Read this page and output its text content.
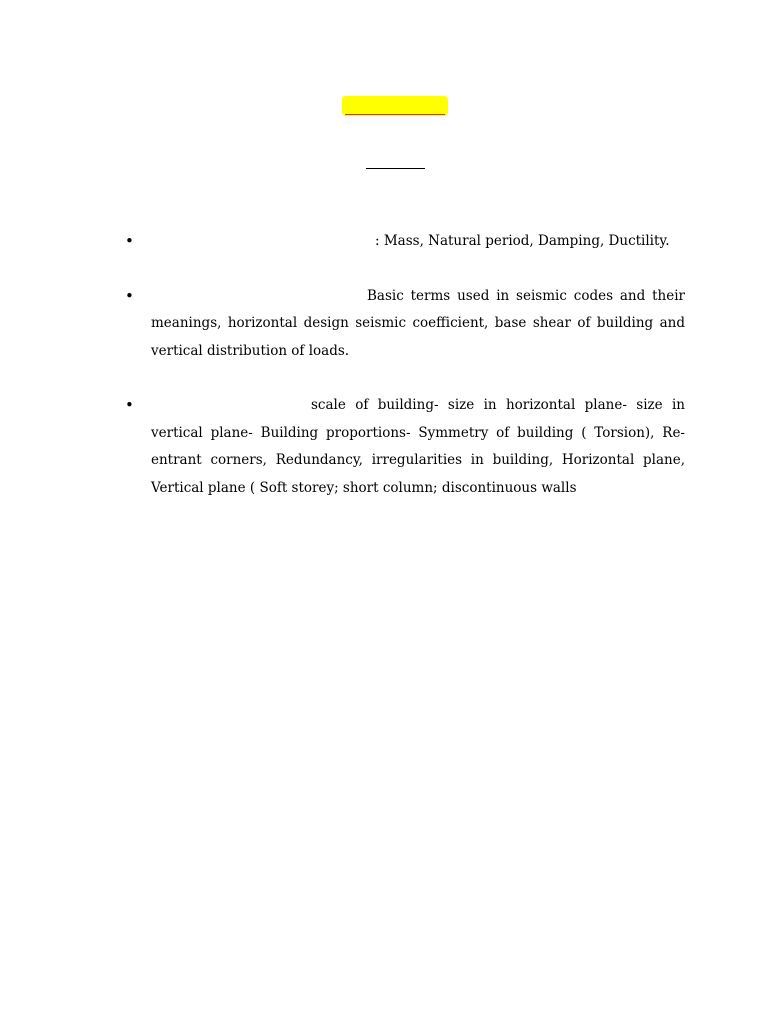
•	: Mass, Natural period, Damping, Ductility.
•	Basic terms used in seismic codes and their meanings, horizontal design seismic coefficient, base shear of building and vertical distribution of loads.
•	scale of building- size in horizontal plane- size in vertical plane- Building proportions- Symmetry of building ( Torsion), Re-entrant corners, Redundancy, irregularities in building, Horizontal plane, Vertical plane ( Soft storey; short column; discontinuous walls
